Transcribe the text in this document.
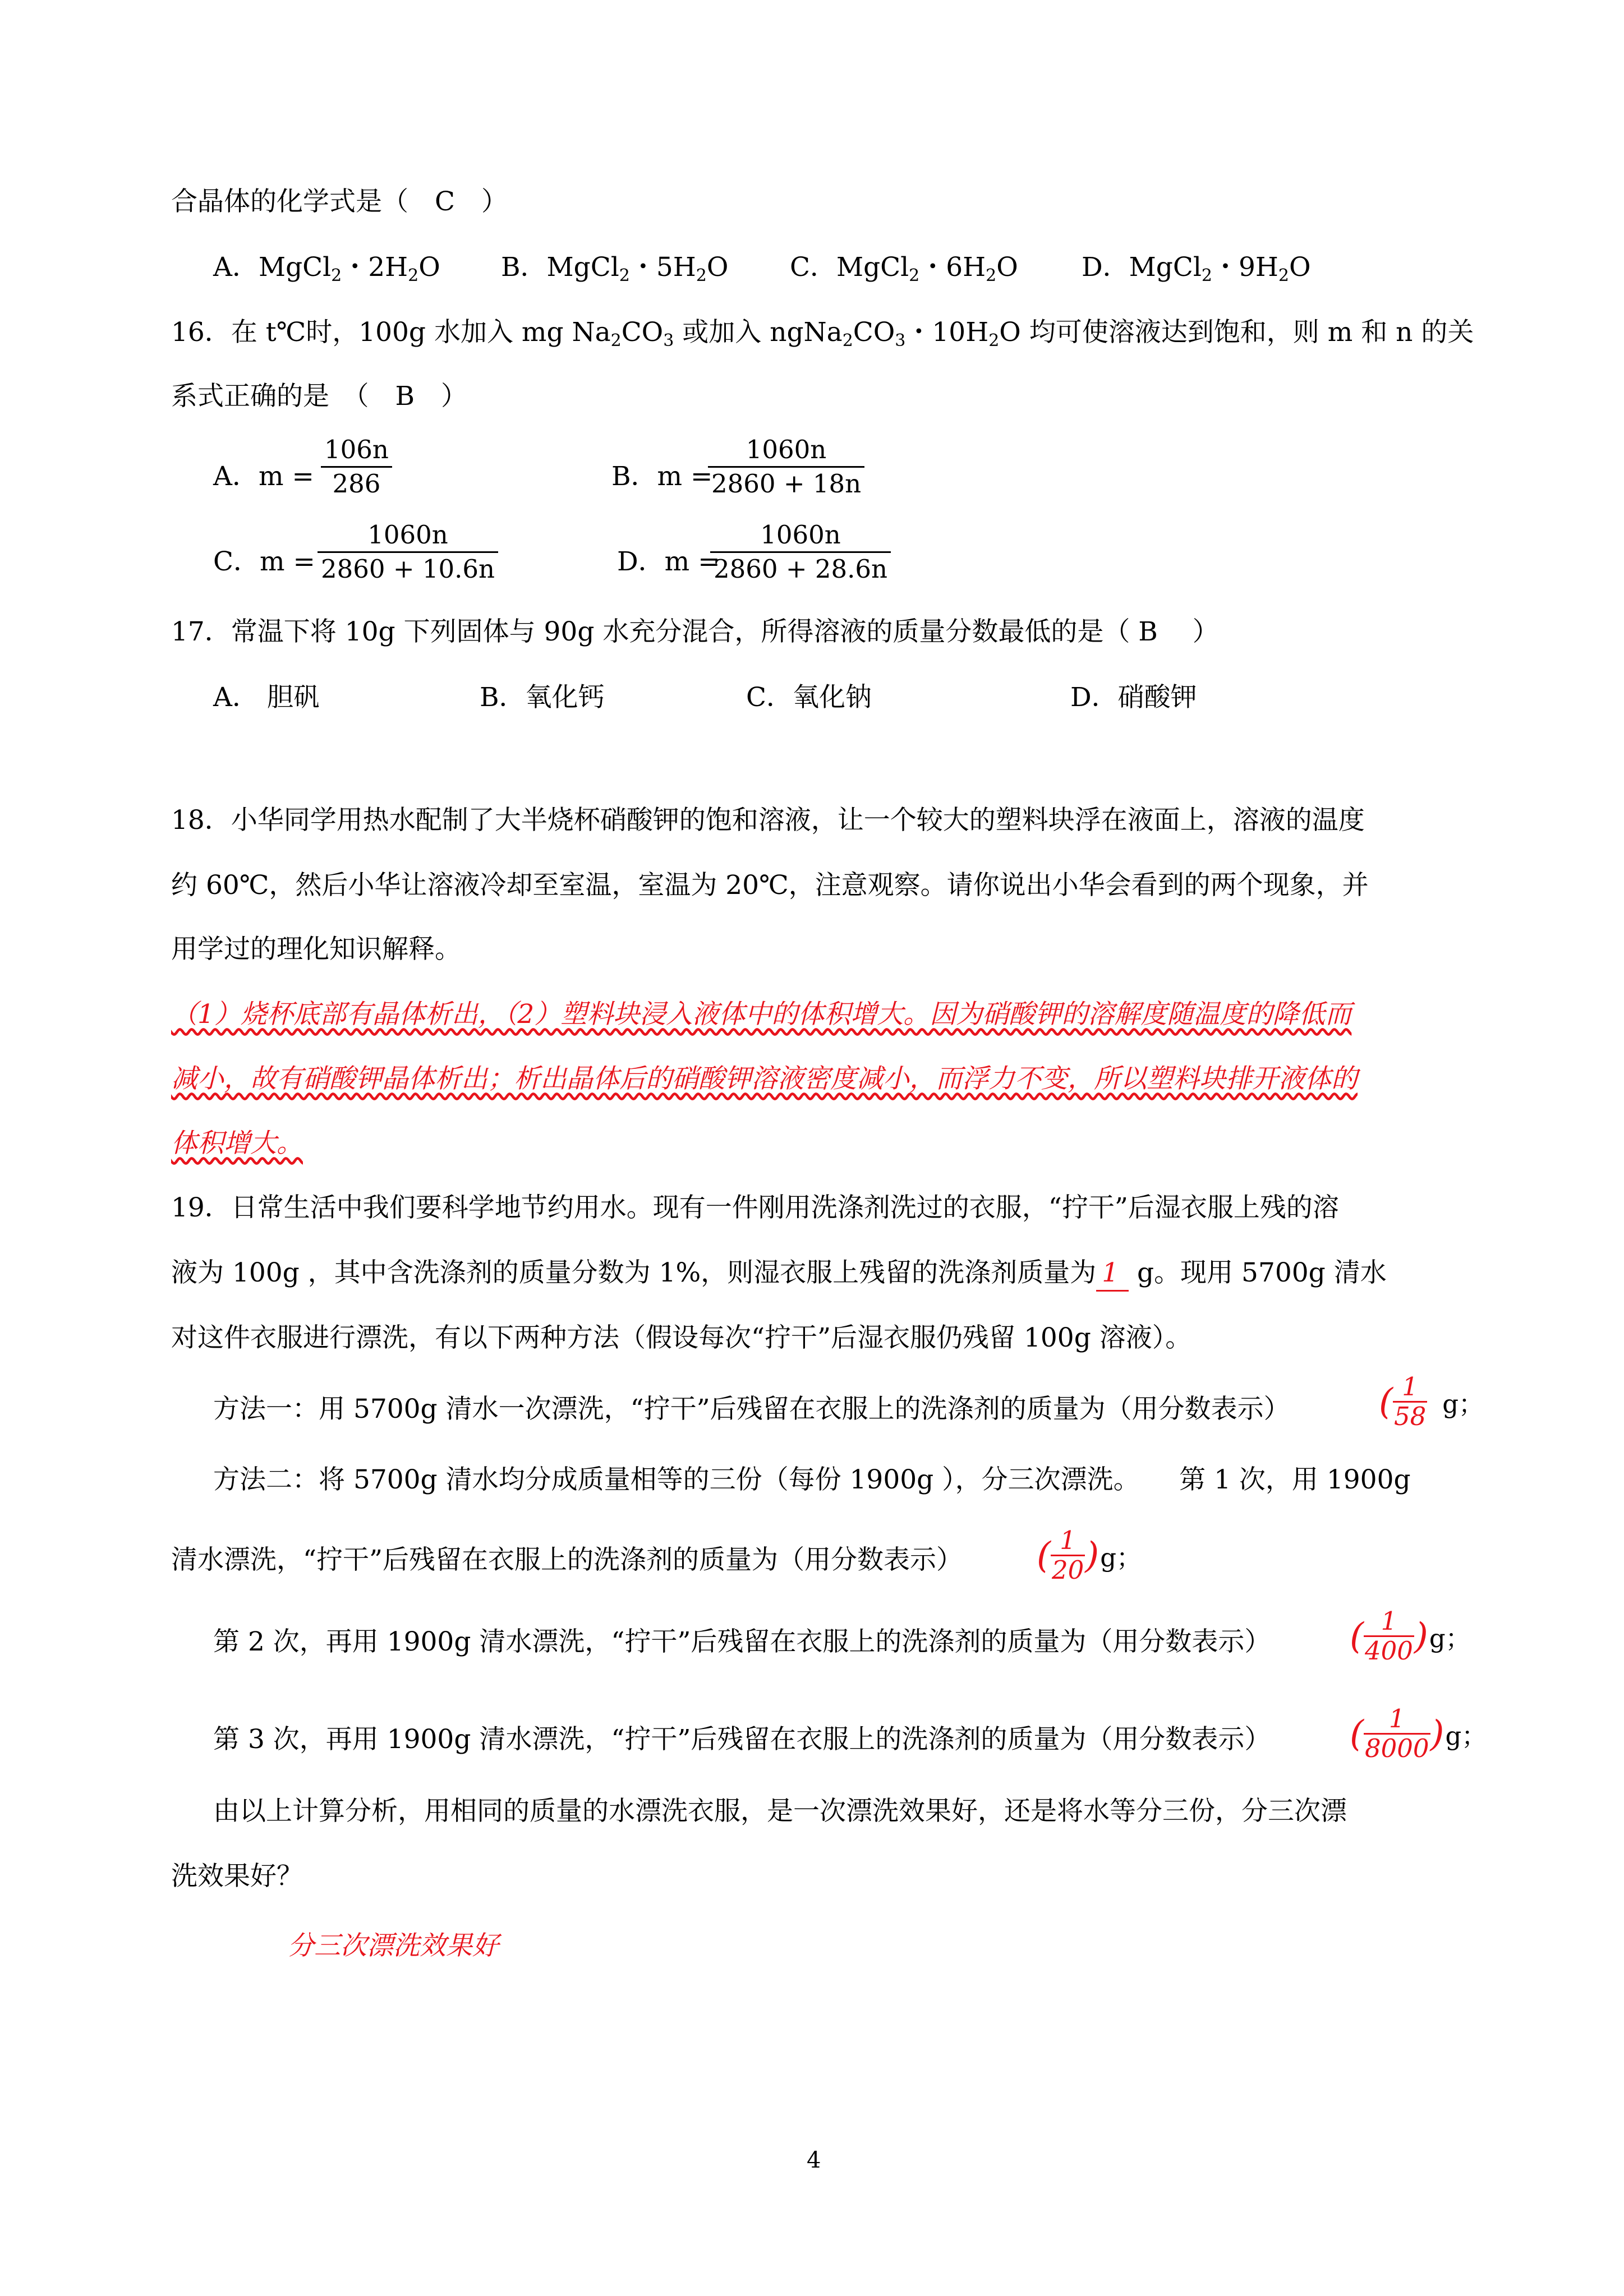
合晶体的化学式是（　C　）
A．MgCl$_2$・$2H_2O$ B．MgCl$_2$・$5H_2O$ C．MgCl$_2$・$6H_2O$ D．MgCl$_2$・$9H_2O$
16．在 t℃时，100g 水加入 mg $Na_2CO_3$ 或加入 $ngNa_2CO_3$・$10H_2O$ 均可使溶液达到饱和，则 m 和 n 的关
系式正确的是　（　B　）
A．$m = \frac{106n}{286}$	B．m =
$\frac{1060n}{2860 + 18n}$
C．$m = \frac{1060n}{2860 + 10.6n}$	D．m =
$\frac{1060n}{2860 + 28.6n}$
17．常温下将 10g 下列固体与 90g 水充分混合，所得溶液的质量分数最低的是（ B　 ）
A． 胆矾	B．氧化钙	C．氧化钠	D．硝酸钾
18．小华同学用热水配制了大半烧杯硝酸钾的饱和溶液，让一个较大的塑料块浮在液面上，溶液的温度
约 60℃，然后小华让溶液冷却至室温，室温为 20℃，注意观察。请你说出小华会看到的两个现象，并
用学过的理化知识解释。
（1）烧杯底部有晶体析出，（2）塑料块浸入液体中的体积增大。因为硝酸钾的溶解度随温度的降低而
减小，故有硝酸钾晶体析出；析出晶体后的硝酸钾溶液密度减小，而浮力不变，所以塑料块排开液体的
体积增大。
19．日常生活中我们要科学地节约用水。现有一件刚用洗涤剂洗过的衣服，“拧干”后湿衣服上残的溶
液为 100g ，其中含洗涤剂的质量分数为 1%，则湿衣服上残留的洗涤剂质量为 1 g。现用 5700g 清水
对这件衣服进行漂洗，有以下两种方法（假设每次“拧干”后湿衣服仍残留 100g 溶液）。
方法一：用 5700g 清水一次漂洗，“拧干”后残留在衣服上的洗涤剂的质量为（用分数表示） ( $\frac{1}{58}$ g；
方法二：将 5700g 清水均分成质量相等的三份（每份 1900g ），分三次漂洗。　　第 1 次，用 1900g
清水漂洗，“拧干”后残留在衣服上的洗涤剂的质量为（用分数表示） ( $\frac{1}{20}$ ) g；
第 2 次，再用 1900g 清水漂洗，“拧干”后残留在衣服上的洗涤剂的质量为（用分数表示） ( $\frac{1}{400}$ ) g；
第 3 次，再用 1900g 清水漂洗，“拧干”后残留在衣服上的洗涤剂的质量为（用分数表示） ( $\frac{1}{8000}$ ) g；
由以上计算分析，用相同的质量的水漂洗衣服，是一次漂洗效果好，还是将水等分三份，分三次漂
洗效果好？
分三次漂洗效果好
4
